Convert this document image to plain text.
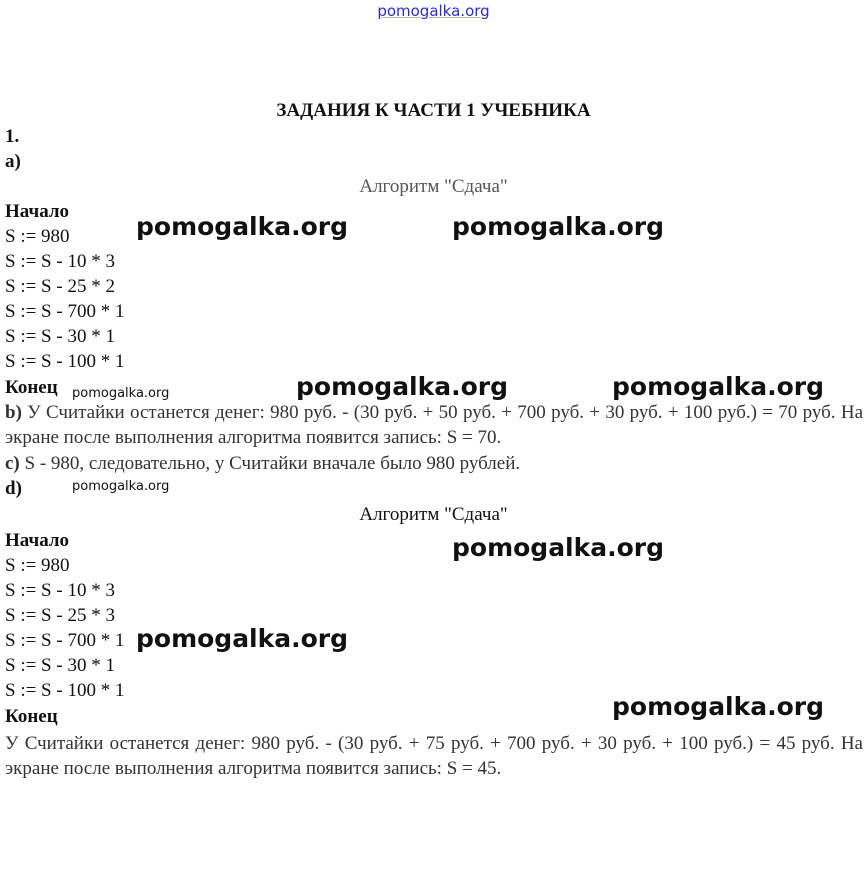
pomogalka.org
ЗАДАНИЯ К ЧАСТИ 1 УЧЕБНИКА
1.
а)
Алгоритм "Сдача"
Начало
S := 980
S := S - 10 * 3
S := S - 25 * 2
S := S - 700 * 1
S := S - 30 * 1
S := S - 100 * 1
Конец
b) У Считайки останется денег: 980 руб. - (30 руб. + 50 руб. + 700 руб. + 30 руб. + 100 руб.) = 70 руб. На экране после выполнения алгоритма появится запись: S = 70.
c) S - 980, следовательно, у Считайки вначале было 980 рублей.
d)
Алгоритм "Сдача"
Начало
S := 980
S := S - 10 * 3
S := S - 25 * 3
S := S - 700 * 1
S := S - 30 * 1
S := S - 100 * 1
Конец
У Считайки останется денег: 980 руб. - (30 руб. + 75 руб. + 700 руб. + 30 руб. + 100 руб.) = 45 руб. На экране после выполнения алгоритма появится запись: S = 45.
pomogalka.org	pomogalka.org
pomogalka.org	pomogalka.org	pomogalka.org
pomogalka.org
pomogalka.org
pomogalka.org
pomogalka.org
